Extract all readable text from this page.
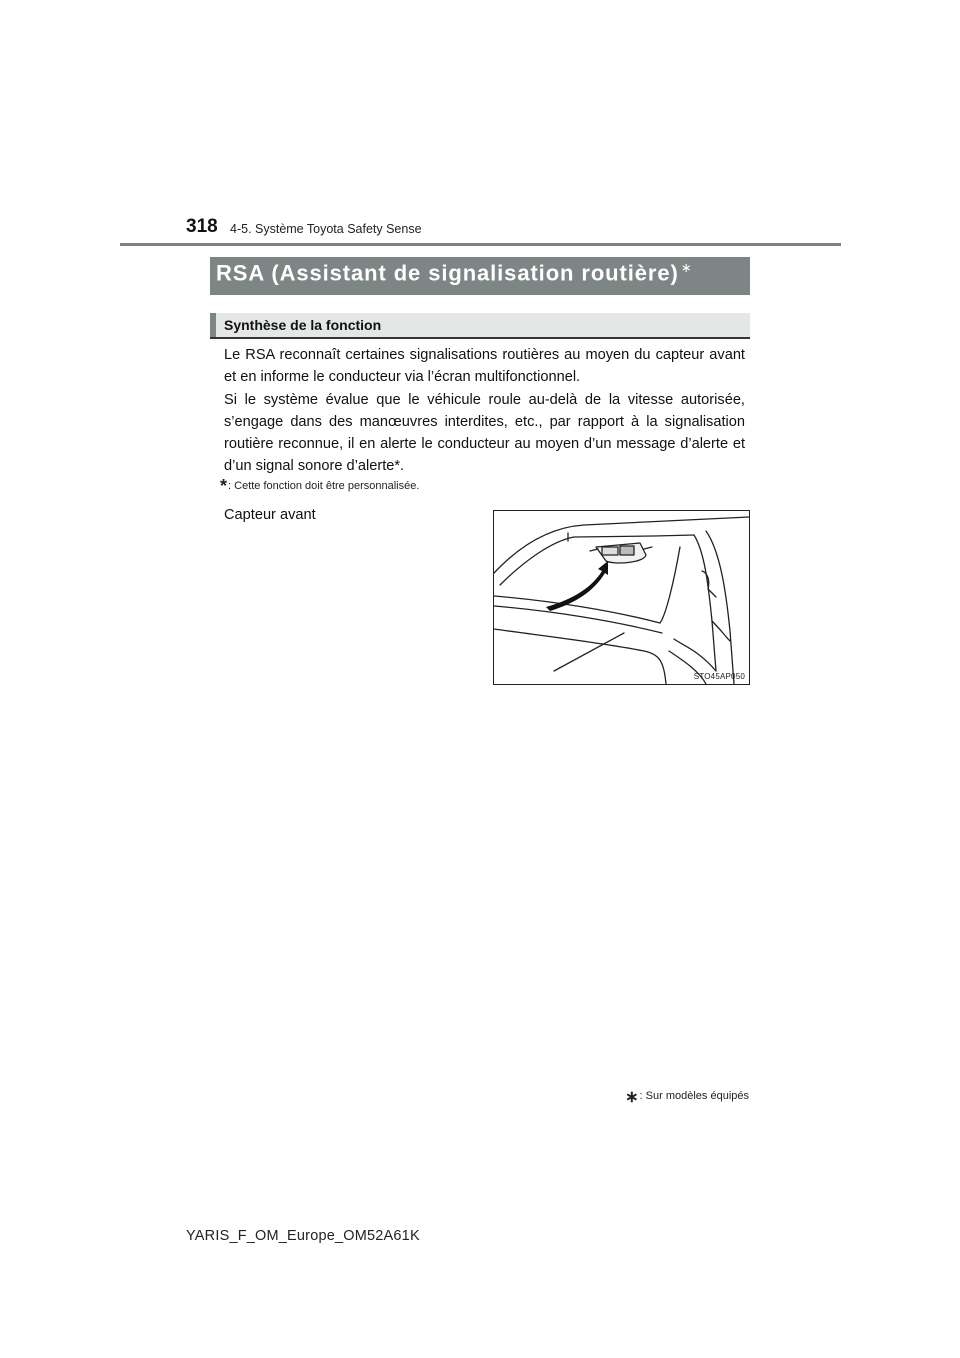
318 4-5. Système Toyota Safety Sense
RSA (Assistant de signalisation routière) ∗
Synthèse de la fonction
Le RSA reconnaît certaines signalisations routières au moyen du capteur avant et en informe le conducteur via l’écran multifonctionnel.
Si le système évalue que le véhicule roule au-delà de la vitesse autorisée, s’engage dans des manœuvres interdites, etc., par rapport à la signalisation routière reconnue, il en alerte le conducteur au moyen d’un message d’alerte et d’un signal sonore d’alerte*.
*: Cette fonction doit être personnalisée.
Capteur avant
STO45AP050
∗: Sur modèles équipés
YARIS_F_OM_Europe_OM52A61K
